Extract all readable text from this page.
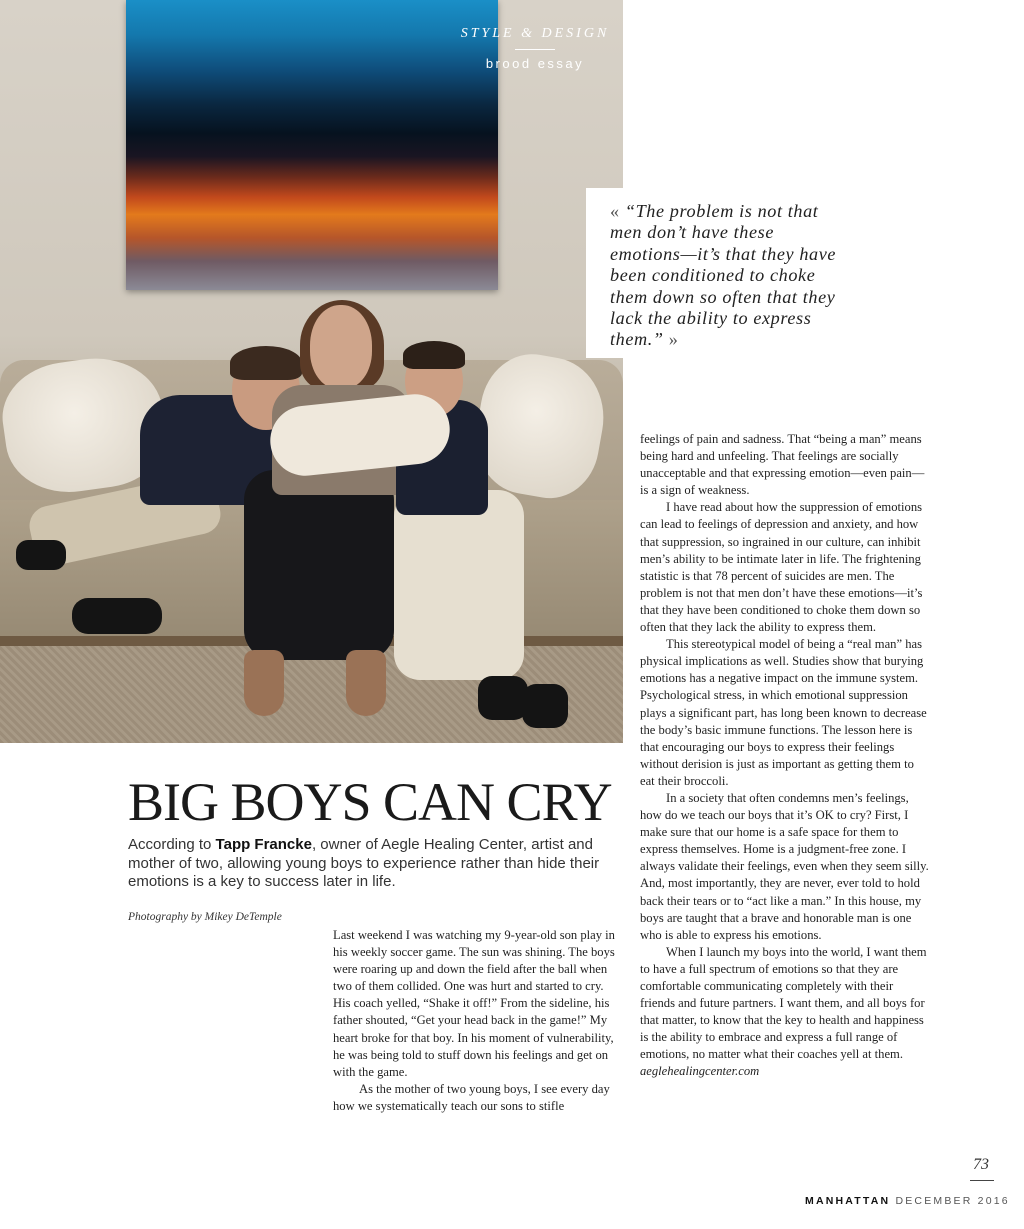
STYLE & DESIGN
brood essay
« “The problem is not that men don’t have these emotions—it’s that they have been conditioned to choke them down so often that they lack the ability to express them.” »
BIG BOYS CAN CRY
According to Tapp Francke, owner of Aegle Healing Center, artist and mother of two, allowing young boys to experience rather than hide their emotions is a key to success later in life.
Photography by Mikey DeTemple

Last weekend I was watching my 9-year-old son play in his weekly soccer game. The sun was shining. The boys were roaring up and down the field after the ball when two of them collided. One was hurt and started to cry. His coach yelled, “Shake it off!” From the sideline, his father shouted, “Get your head back in the game!” My heart broke for that boy. In his moment of vulnerability, he was being told to stuff down his feelings and get on with the game.

As the mother of two young boys, I see every day how we systematically teach our sons to stifle

feelings of pain and sadness. That “being a man” means being hard and unfeeling. That feelings are socially unacceptable and that expressing emotion—even pain—is a sign of weakness.

I have read about how the suppression of emotions can lead to feelings of depression and anxiety, and how that suppression, so ingrained in our culture, can inhibit men’s ability to be intimate later in life. The frightening statistic is that 78 percent of suicides are men. The problem is not that men don’t have these emotions—it’s that they have been conditioned to choke them down so often that they lack the ability to express them.

This stereotypical model of being a “real man” has physical implications as well. Studies show that burying emotions has a negative impact on the immune system. Psychological stress, in which emotional suppression plays a significant part, has long been known to decrease the body’s basic immune functions. The lesson here is that encouraging our boys to express their feelings without derision is just as important as getting them to eat their broccoli.

In a society that often condemns men’s feelings, how do we teach our boys that it’s OK to cry? First, I make sure that our home is a safe space for them to express themselves. Home is a judgment-free zone. I always validate their feelings, even when they seem silly. And, most importantly, they are never, ever told to hold back their tears or to “act like a man.” In this house, my boys are taught that a brave and honorable man is one who is able to express his emotions.

When I launch my boys into the world, I want them to have a full spectrum of emotions so that they are comfortable communicating completely with their friends and future partners. I want them, and all boys for that matter, to know that the key to health and happiness is the ability to embrace and express a full range of emotions, no matter what their coaches yell at them. aeglehealingcenter.com

73
MANHATTAN DECEMBER 2016
